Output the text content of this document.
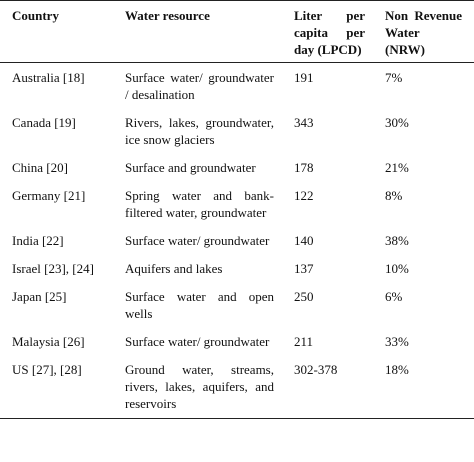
Country	Water resource	Liter per capita per day (LPCD)	Non Revenue Water (NRW)
Australia [18]	Surface water/ groundwater / desalination	191	7%
Canada [19]	Rivers, lakes, groundwater, ice snow glaciers	343	30%
China [20]	Surface and groundwater	178	21%
Germany [21]	Spring water and bank-filtered water, groundwater	122	8%
India [22]	Surface water/ groundwater	140	38%
Israel [23], [24]	Aquifers and lakes	137	10%
Japan [25]	Surface water and open wells	250	6%
Malaysia [26]	Surface water/ groundwater	211	33%
US [27], [28]	Ground water, streams, rivers, lakes, aquifers, and reservoirs	302-378	18%
